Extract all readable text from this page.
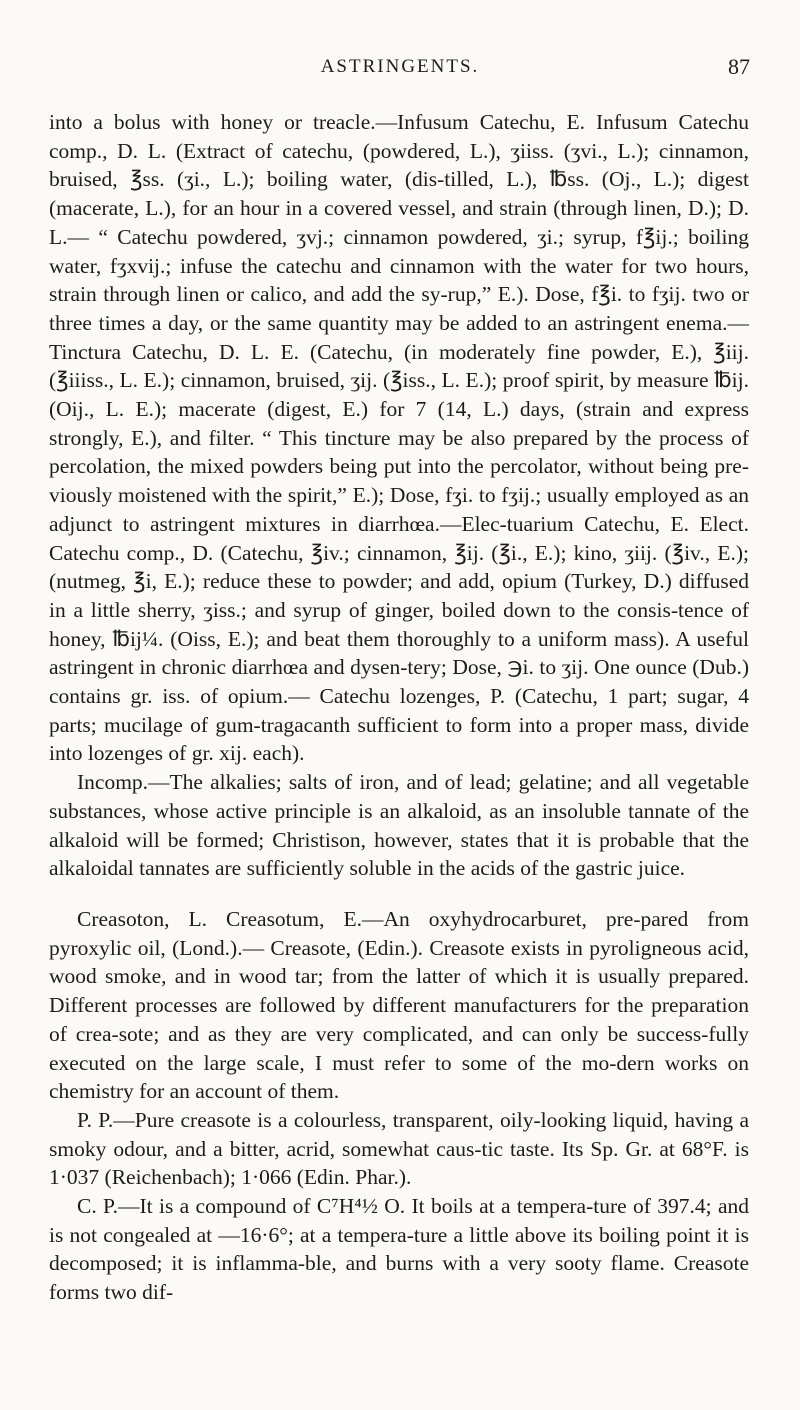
ASTRINGENTS.	87

into a bolus with honey or treacle.—Infusum Catechu, E. Infusum Catechu comp., D. L. (Extract of catechu, (powdered, L.), ʒiiss. (ʒvi., L.); cinnamon, bruised, ℥ss. (ʒi., L.); boiling water, (dis-tilled, L.), ℔ss. (Oj., L.); digest (macerate, L.), for an hour in a covered vessel, and strain (through linen, D.); D. L.— “ Catechu powdered, ʒvj.; cinnamon powdered, ʒi.; syrup, f℥ij.; boiling water, fʒxvij.; infuse the catechu and cinnamon with the water for two hours, strain through linen or calico, and add the sy-rup,” E.). Dose, f℥i. to fʒij. two or three times a day, or the same quantity may be added to an astringent enema.— Tinctura Catechu, D. L. E. (Catechu, (in moderately fine powder, E.), ℥iij. (℥iiiss., L. E.); cinnamon, bruised, ʒij. (℥iss., L. E.); proof spirit, by measure ℔ij. (Oij., L. E.); macerate (digest, E.) for 7 (14, L.) days, (strain and express strongly, E.), and filter. “ This tincture may be also prepared by the process of percolation, the mixed powders being put into the percolator, without being pre-viously moistened with the spirit,” E.); Dose, fʒi. to fʒij.; usually employed as an adjunct to astringent mixtures in diarrhœa.—Elec-tuarium Catechu, E. Elect. Catechu comp., D. (Catechu, ℥iv.; cinnamon, ℥ij. (℥i., E.); kino, ʒiij. (℥iv., E.); (nutmeg, ℥i, E.); reduce these to powder; and add, opium (Turkey, D.) diffused in a little sherry, ʒiss.; and syrup of ginger, boiled down to the consis-tence of honey, ℔ij¼. (Oiss, E.); and beat them thoroughly to a uniform mass). A useful astringent in chronic diarrhœa and dysen-tery; Dose, ℈i. to ʒij. One ounce (Dub.) contains gr. iss. of opium.— Catechu lozenges, P. (Catechu, 1 part; sugar, 4 parts; mucilage of gum-tragacanth sufficient to form into a proper mass, divide into lozenges of gr. xij. each).

Incomp.—The alkalies; salts of iron, and of lead; gelatine; and all vegetable substances, whose active principle is an alkaloid, as an insoluble tannate of the alkaloid will be formed; Christison, however, states that it is probable that the alkaloidal tannates are sufficiently soluble in the acids of the gastric juice.

Creasoton, L. Creasotum, E.—An oxyhydrocarburet, pre-pared from pyroxylic oil, (Lond.).— Creasote, (Edin.). Creasote exists in pyroligneous acid, wood smoke, and in wood tar; from the latter of which it is usually prepared. Different processes are followed by different manufacturers for the preparation of crea-sote; and as they are very complicated, and can only be success-fully executed on the large scale, I must refer to some of the mo-dern works on chemistry for an account of them.

P. P.—Pure creasote is a colourless, transparent, oily-looking liquid, having a smoky odour, and a bitter, acrid, somewhat caus-tic taste. Its Sp. Gr. at 68°F. is 1·037 (Reichenbach); 1·066 (Edin. Phar.).

C. P.—It is a compound of C⁷H⁴½ O. It boils at a tempera-ture of 397.4; and is not congealed at —16·6°; at a tempera-ture a little above its boiling point it is decomposed; it is inflamma-ble, and burns with a very sooty flame. Creasote forms two dif-
